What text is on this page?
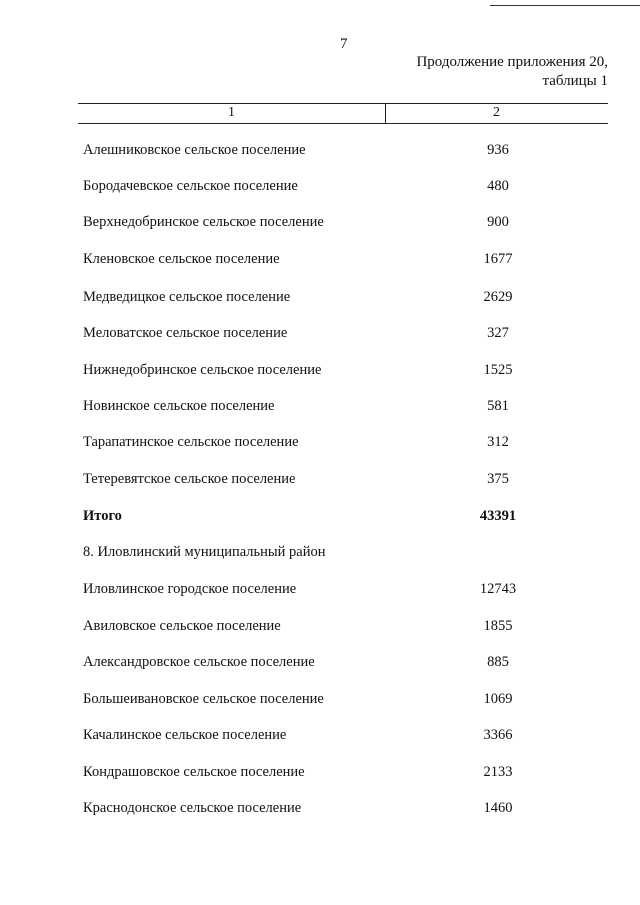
7
Продолжение приложения 20,
таблицы 1
1	2
Алешниковское сельское поселение	936
Бородачевское сельское поселение	480
Верхнедобринское сельское поселение	900
Кленовское сельское поселение	1677
Медведицкое сельское поселение	2629
Меловатское сельское поселение	327
Нижнедобринское сельское поселение	1525
Новинское сельское поселение	581
Тарапатинское сельское поселение	312
Тетеревятское сельское поселение	375
Итого	43391
8. Иловлинский муниципальный район
Иловлинское городское поселение	12743
Авиловское сельское поселение	1855
Александровское сельское поселение	885
Большеивановское сельское поселение	1069
Качалинское сельское поселение	3366
Кондрашовское сельское поселение	2133
Краснодонское сельское поселение	1460
